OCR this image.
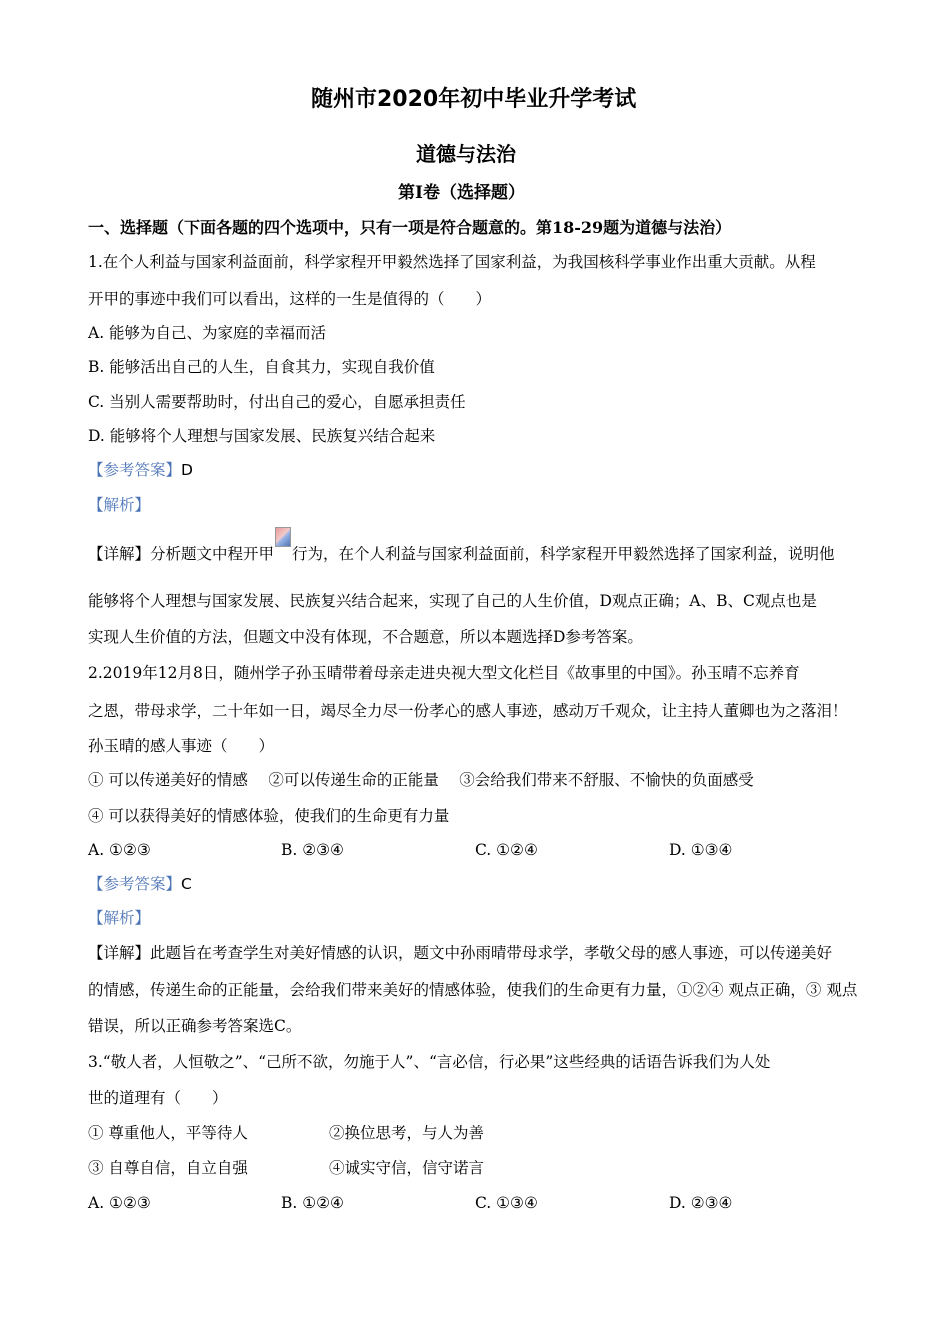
随州市2020年初中毕业升学考试
道德与法治
第Ⅰ卷（选择题）
一、选择题（下面各题的四个选项中，只有一项是符合题意的。第18-29题为道德与法治）
1.在个人利益与国家利益面前，科学家程开甲毅然选择了国家利益，为我国核科学事业作出重大贡献。从程
开甲的事迹中我们可以看出，这样的一生是值得的（　　）
A. 能够为自己、为家庭的幸福而活
B. 能够活出自己的人生，自食其力，实现自我价值
C. 当别人需要帮助时，付出自己的爱心，自愿承担责任
D. 能够将个人理想与国家发展、民族复兴结合起来
【参考答案】D
【解析】
【详解】分析题文中程开甲 行为，在个人利益与国家利益面前，科学家程开甲毅然选择了国家利益，说明他
能够将个人理想与国家发展、民族复兴结合起来，实现了自己的人生价值，D观点正确；A、B、C观点也是
实现人生价值的方法，但题文中没有体现，不合题意，所以本题选择D参考答案。
2.2019年12月8日，随州学子孙玉晴带着母亲走进央视大型文化栏目《故事里的中国》。孙玉晴不忘养育
之恩，带母求学，二十年如一日，竭尽全力尽一份孝心的感人事迹，感动万千观众，让主持人董卿也为之落泪！
孙玉晴的感人事迹（　　）
① 可以传递美好的情感　 ②可以传递生命的正能量　 ③会给我们带来不舒服、不愉快的负面感受
④ 可以获得美好的情感体验，使我们的生命更有力量
A. ①②③	B. ②③④	C. ①②④	D. ①③④
【参考答案】C
【解析】
【详解】此题旨在考查学生对美好情感的认识，题文中孙雨晴带母求学，孝敬父母的感人事迹，可以传递美好
的情感，传递生命的正能量，会给我们带来美好的情感体验，使我们的生命更有力量，①②④ 观点正确，③ 观点
错误，所以正确参考答案选C。
3.“敬人者，人恒敬之”、“己所不欲，勿施于人”、“言必信，行必果”这些经典的话语告诉我们为人处
世的道理有（　　）
① 尊重他人，平等待人	②换位思考，与人为善
③ 自尊自信，自立自强	④诚实守信，信守诺言
A. ①②③	B. ①②④	C. ①③④	D. ②③④
